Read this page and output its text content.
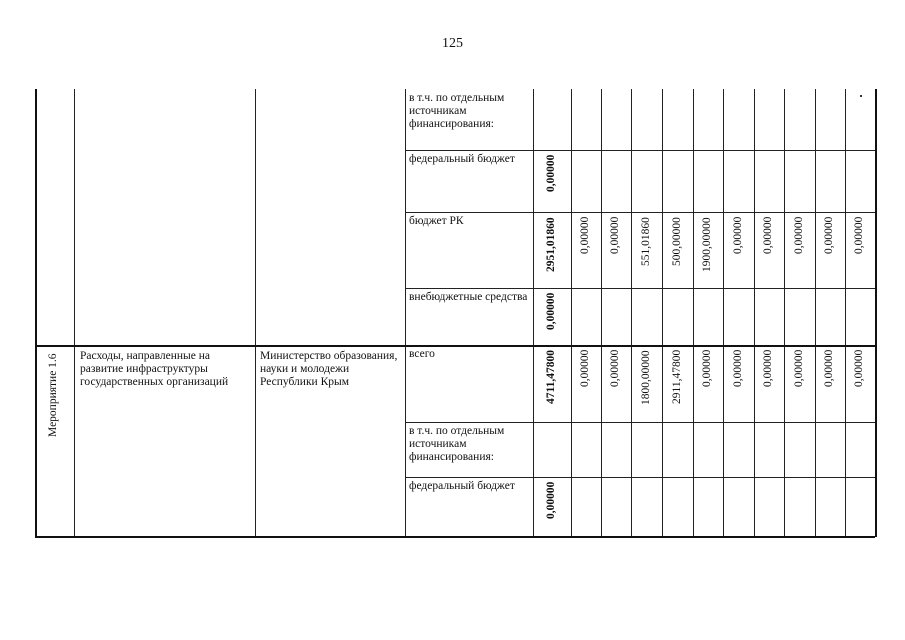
125
Мероприятие 1.6 Расходы, направленные на развитие инфраструктуры государственных организаций
Министерство образования, науки и молодежи Республики Крым
в т.ч. по отдельным источникам финансирования:
федеральный бюджет	0,00000
бюджет РК	2951,01860 0,00000 0,00000 551,01860 500,00000 1900,00000 0,00000 0,00000 0,00000 0,00000 0,00000
внебюджетные средства 0,00000
всего	4711,47800 0,00000 0,00000 1800,00000 2911,47800 0,00000 0,00000 0,00000 0,00000 0,00000 0,00000
в т.ч. по отдельным источникам финансирования:
федеральный бюджет	0,00000
